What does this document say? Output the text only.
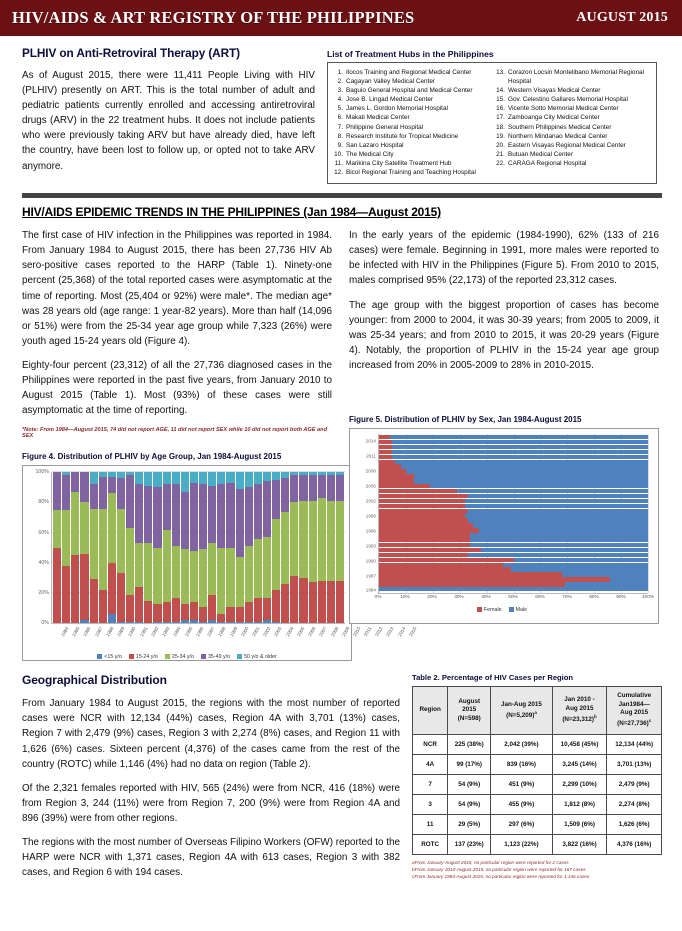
HIV/AIDS & ART REGISTRY OF THE PHILIPPINES	AUGUST 2015
PLHIV on Anti-Retroviral Therapy (ART)

As of August 2015, there were 11,411 People Living with HIV (PLHIV) presently on ART. This is the total number of adult and pediatric patients currently enrolled and accessing antiretroviral drugs (ARV) in the 22 treatment hubs. It does not include patients who were previously taking ARV but have already died, have left the country, have been lost to follow up, or opted not to take ARV anymore.

List of Treatment Hubs in the Philippines
1. Ilocos Training and Regional Medical Center
2. Cagayan Valley Medical Center
3. Baguio General Hospital and Medical Center
4. Jose B. Lingad Medical Center
5. James L. Gordon Memorial Hospital
6. Makati Medical Center
7. Philippine General Hospital
8. Research Institute for Tropical Medicine
9. San Lazaro Hospital
10. The Medical City
11. Marikina City Satellite Treatment Hub
12. Bicol Regional Training and Teaching Hospital
13. Corazon Locsin Montelibano Memorial Regional Hospital
14. Western Visayas Medical Center
15. Gov. Celestino Gallares Memorial Hospital
16. Vicente Sotto Memorial Medical Center
17. Zamboanga City Medical Center
18. Southern Philippines Medical Center
19. Northern Mindanao Medical Center
20. Eastern Visayas Regional Medical Center
21. Butuan Medical Center
22. CARAGA Regional Hospital
HIV/AIDS EPIDEMIC TRENDS IN THE PHILIPPINES (Jan 1984—August 2015)

The first case of HIV infection in the Philippines was reported in 1984. From January 1984 to August 2015, there has been 27,736 HIV Ab sero-positive cases reported to the HARP (Table 1). Ninety-one percent (25,368) of the total reported cases were asymptomatic at the time of reporting. Most (25,404 or 92%) were male*. The median age* was 28 years old (age range: 1 year-82 years). More than half (14,096 or 51%) were from the 25-34 year age group while 7,323 (26%) were youth aged 15-24 years old (Figure 4).

Eighty-four percent (23,312) of all the 27,736 diagnosed cases in the Philippines were reported in the past five years, from January 2010 to August 2015 (Table 1). Most (93%) of these cases were still asymptomatic at the time of reporting.

*Note: From 1984—August 2015, 74 did not report AGE, 11 did not report SEX while 10 did not report both AGE and SEX
Figure 4. Distribution of PLHIV by Age Group, Jan 1984-August 2015
0%
20%
40%
60%
80%
100%
1984 1985 1986 1987 1988 1989 1990 1991 1992 1993 1994 1995 1996 1997 1998 1999 2000 2001 2002 2003 2004 2005 2006 2007 2008 2009 2010 2011 2012 2013 2014 2015
<15 y/o	15-24 y/o	25-34 y/o	35-49 y/o	50 y/o & older

In the early years of the epidemic (1984-1990), 62% (133 of 216 cases) were female. Beginning in 1991, more males were reported to be infected with HIV in the Philippines (Figure 5). From 2010 to 2015, males comprised 95% (22,173) of the reported 23,312 cases.

The age group with the biggest proportion of cases has become younger: from 2000 to 2004, it was 30-39 years; from 2005 to 2009, it was 25-34 years; and from 2010 to 2015, it was 20-29 years (Figure 4). Notably, the proportion of PLHIV in the 15-24 year age group increased from 20% in 2005-2009 to 28% in 2010-2015.

Figure 5. Distribution of PLHIV by Sex, Jan 1984-August 2015
2014
2011
2008
2005
2002
1999
1996
1993
1990
1987
1984
0%	10%	20%	30%	40%	50%	60%	70%	80%	90%	100%
Female	Male
Geographical Distribution

From January 1984 to August 2015, the regions with the most number of reported cases were NCR with 12,134 (44%) cases, Region 4A with 3,701 (13%) cases, Region 7 with 2,479 (9%) cases, Region 3 with 2,274 (8%) cases, and Region 11 with 1,626 (6%) cases. Sixteen percent (4,376) of the cases came from the rest of the country (ROTC) while 1,146 (4%) had no data on region (Table 2).

Of the 2,321 females reported with HIV, 565 (24%) were from NCR, 416 (18%) were from Region 3, 244 (11%) were from Region 7, 200 (9%) were from Region 4A and 896 (39%) were from other regions.

The regions with the most number of Overseas Filipino Workers (OFW) reported to the HARP were NCR with 1,371 cases, Region 4A with 613 cases, Region 3 with 382 cases, and Region 6 with 194 cases.

Table 2. Percentage of HIV Cases per Region
Region	August
2015
(N=598)	Jan-Aug 2015
(N=5,209)$^a$	Jan 2010 -
Aug 2015
(N=23,312)$^b$	Cumulative
Jan1984—
Aug 2015
(N=27,736)$^c$
NCR	225 (38%)	2,042 (39%)	10,458 (45%)	12,134 (44%)
4A	99 (17%)	839 (16%)	3,245 (14%)	3,701 (13%)
7	54 (9%)	451 (9%)	2,299 (10%)	2,479 (9%)
3	54 (9%)	455 (9%)	1,812 (8%)	2,274 (8%)
11	29 (5%)	297 (6%)	1,509 (6%)	1,626 (6%)
ROTC	137 (23%)	1,123 (22%)	3,822 (16%)	4,376 (16%)
aFrom January-August 2015, no particular region were reported for 2 cases
bFrom January 2010-August 2015, no particular region were reported for 167 cases
cFrom January 1984-August 2015, no particular region were reported for 1,146 cases
